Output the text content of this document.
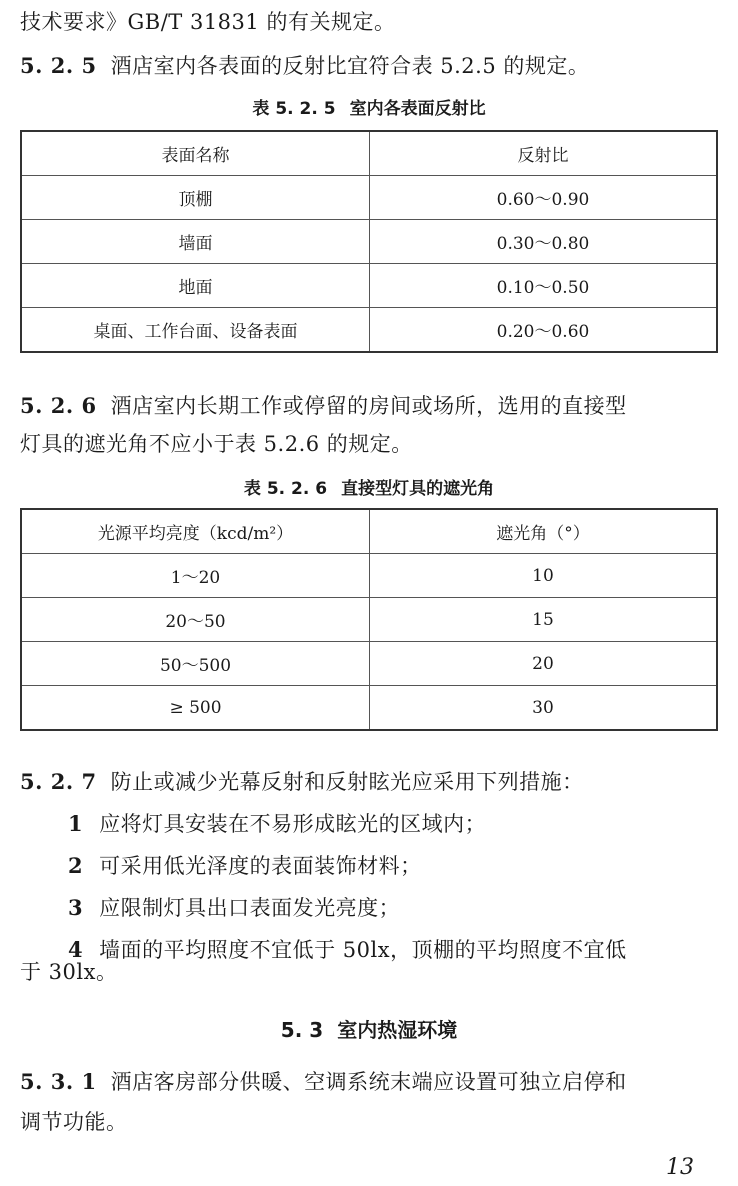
技术要求》GB/T 31831 的有关规定。
5. 2. 5 酒店室内各表面的反射比宜符合表 5.2.5 的规定。
表 5. 2. 5 室内各表面反射比
表面名称	反射比
顶棚	0.60～0.90
墙面	0.30～0.80
地面	0.10～0.50
桌面、工作台面、设备表面	0.20～0.60
5. 2. 6 酒店室内长期工作或停留的房间或场所，选用的直接型
灯具的遮光角不应小于表 5.2.6 的规定。
表 5. 2. 6 直接型灯具的遮光角
光源平均亮度（kcd/m²）	遮光角（°）
1～20	10
20～50	15
50～500	20
≥ 500	30
5. 2. 7 防止或减少光幕反射和反射眩光应采用下列措施：
1 应将灯具安装在不易形成眩光的区域内；
2 可采用低光泽度的表面装饰材料；
3 应限制灯具出口表面发光亮度；
4 墙面的平均照度不宜低于 50lx，顶棚的平均照度不宜低
于 30lx。
5. 3 室内热湿环境
5. 3. 1 酒店客房部分供暖、空调系统末端应设置可独立启停和
调节功能。
13
